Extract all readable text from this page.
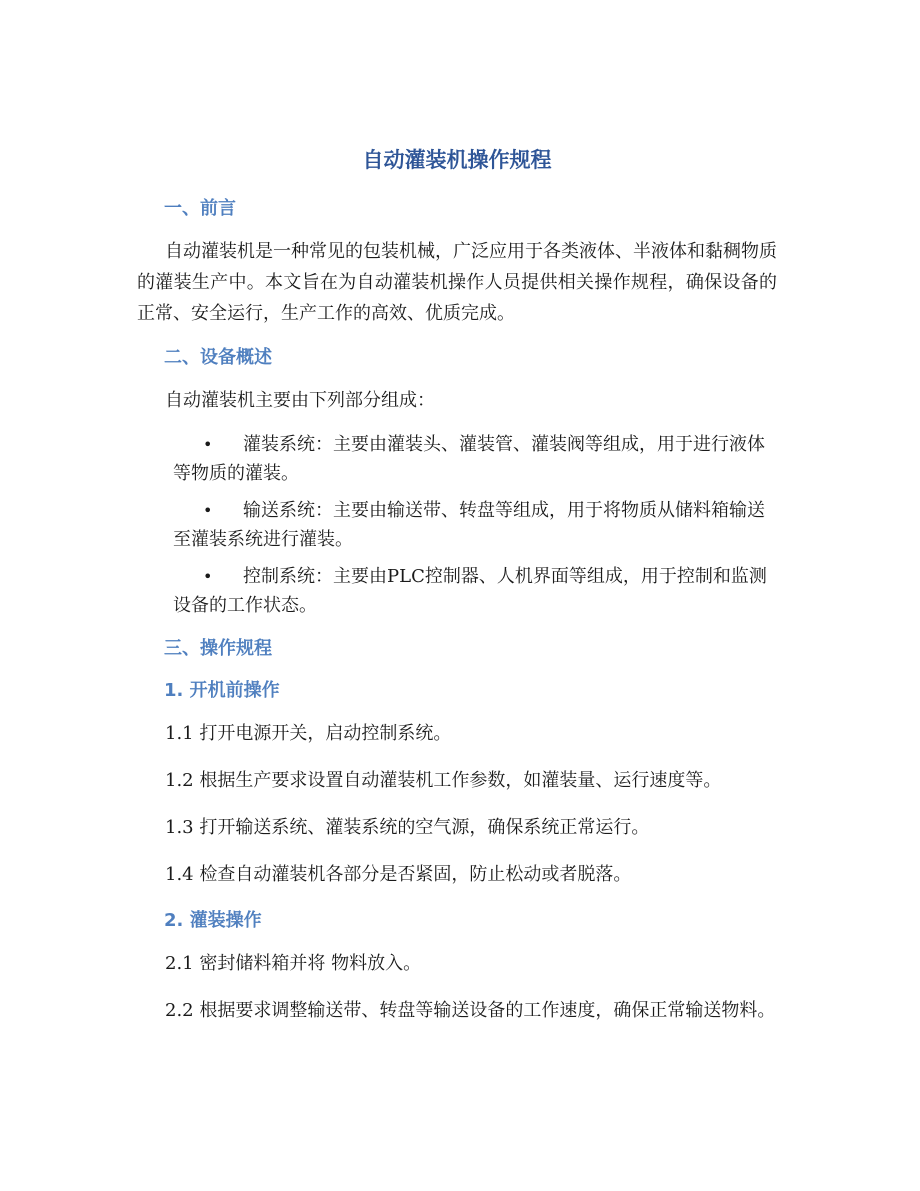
自动灌装机操作规程
一、前言

自动灌装机是一种常见的包装机械，广泛应用于各类液体、半液体和黏稠物质的灌装生产中。本文旨在为自动灌装机操作人员提供相关操作规程，确保设备的正常、安全运行，生产工作的高效、优质完成。

二、设备概述

自动灌装机主要由下列部分组成：

• 灌装系统：主要由灌装头、灌装管、灌装阀等组成，用于进行液体等物质的灌装。
• 输送系统：主要由输送带、转盘等组成，用于将物质从储料箱输送至灌装系统进行灌装。
• 控制系统：主要由PLC控制器、人机界面等组成，用于控制和监测设备的工作状态。
三、操作规程
1. 开机前操作

1.1 打开电源开关，启动控制系统。

1.2 根据生产要求设置自动灌装机工作参数，如灌装量、运行速度等。

1.3 打开输送系统、灌装系统的空气源，确保系统正常运行。

1.4 检查自动灌装机各部分是否紧固，防止松动或者脱落。

2. 灌装操作

2.1 密封储料箱并将 物料放入。

2.2 根据要求调整输送带、转盘等输送设备的工作速度，确保正常输送物料。
